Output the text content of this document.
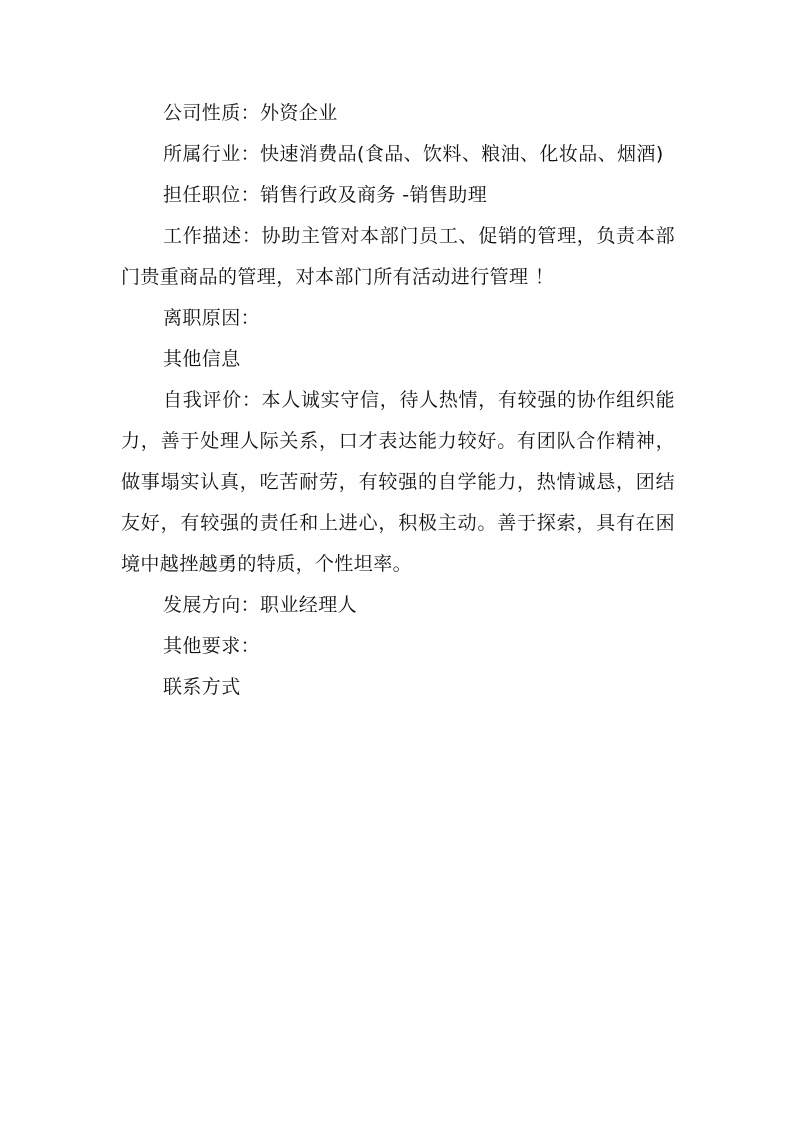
公司性质：外资企业

所属行业：快速消费品(食品、饮料、粮油、化妆品、烟酒)

担任职位：销售行政及商务 -销售助理

工作描述：协助主管对本部门员工、促销的管理，负责本部门贵重商品的管理，对本部门所有活动进行管理 ！

离职原因：

其他信息

自我评价：本人诚实守信，待人热情，有较强的协作组织能力，善于处理人际关系，口才表达能力较好。有团队合作精神，做事塌实认真，吃苦耐劳，有较强的自学能力，热情诚恳，团结友好，有较强的责任和上进心，积极主动。善于探索，具有在困境中越挫越勇的特质，个性坦率。

发展方向：职业经理人

其他要求：

联系方式
